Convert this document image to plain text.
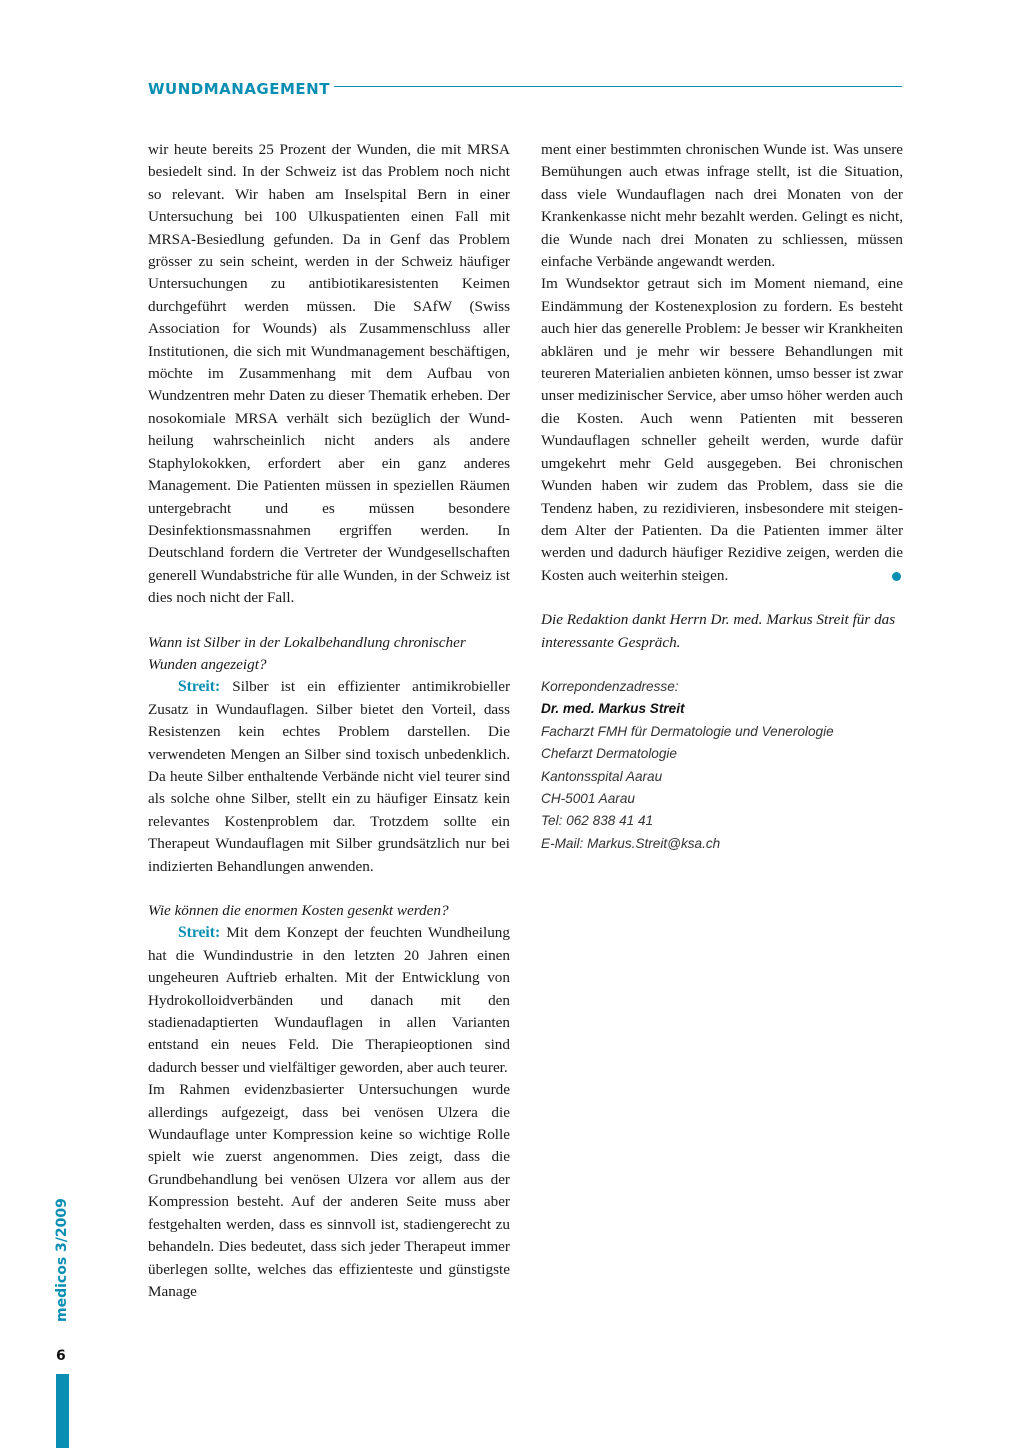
WUNDMANAGEMENT

wir heute bereits 25 Prozent der Wunden, die mit MRSA besiedelt sind. In der Schweiz ist das Problem noch nicht so relevant. Wir haben am Inselspital Bern in einer Untersuchung bei 100 Ulkuspatienten einen Fall mit MRSA-Besiedlung gefunden. Da in Genf das Problem grösser zu sein scheint, werden in der Schweiz häufiger Untersuchungen zu antibiotikaresistenten Keimen durchgeführt werden müssen. Die SAfW (Swiss Association for Wounds) als Zusammenschluss aller Institutionen, die sich mit Wundmanagement beschäftigen, möchte im Zusammenhang mit dem Aufbau von Wundzentren mehr Daten zu dieser Thematik erheben. Der nosokomiale MRSA verhält sich bezüglich der Wundheilung wahrscheinlich nicht anders als andere Staphylokokken, erfordert aber ein ganz anderes Management. Die Patienten müssen in speziellen Räumen untergebracht und es müssen besondere Desinfektionsmassnahmen ergriffen werden. In Deutschland fordern die Vertreter der Wundgesellschaften generell Wundabstriche für alle Wunden, in der Schweiz ist dies noch nicht der Fall.

Wann ist Silber in der Lokalbehandlung chronischer Wunden angezeigt?

Streit: Silber ist ein effizienter antimikrobieller Zusatz in Wundauflagen. Silber bietet den Vorteil, dass Resistenzen kein echtes Problem darstellen. Die verwendeten Mengen an Silber sind toxisch unbedenklich. Da heute Silber enthaltende Verbände nicht viel teurer sind als solche ohne Silber, stellt ein zu häufiger Einsatz kein relevantes Kostenproblem dar. Trotzdem sollte ein Therapeut Wundauflagen mit Silber grundsätzlich nur bei indizierten Behandlungen anwenden.

Wie können die enormen Kosten gesenkt werden?

Streit: Mit dem Konzept der feuchten Wundheilung hat die Wundindustrie in den letzten 20 Jahren einen ungeheuren Auftrieb erhalten. Mit der Entwicklung von Hydrokolloidverbänden und danach mit den stadienadaptierten Wundauflagen in allen Varianten entstand ein neues Feld. Die Therapieoptionen sind dadurch besser und vielfältiger geworden, aber auch teurer.

Im Rahmen evidenzbasierter Untersuchungen wurde allerdings aufgezeigt, dass bei venösen Ulzera die Wundauflage unter Kompression keine so wichtige Rolle spielt wie zuerst angenommen. Dies zeigt, dass die Grundbehandlung bei venösen Ulzera vor allem aus der Kompression besteht. Auf der anderen Seite muss aber festgehalten werden, dass es sinnvoll ist, stadiengerecht zu behandeln. Dies bedeutet, dass sich jeder Therapeut immer überlegen sollte, welches das effizienteste und günstigste Manage

ment einer bestimmten chronischen Wunde ist. Was unsere Bemühungen auch etwas infrage stellt, ist die Situation, dass viele Wundauflagen nach drei Monaten von der Krankenkasse nicht mehr bezahlt werden. Gelingt es nicht, die Wunde nach drei Monaten zu schliessen, müssen einfache Verbände angewandt werden.

Im Wundsektor getraut sich im Moment niemand, eine Eindämmung der Kostenexplosion zu fordern. Es besteht auch hier das generelle Problem: Je besser wir Krankheiten abklären und je mehr wir bessere Behandlungen mit teureren Materialien anbieten können, umso besser ist zwar unser medizinischer Service, aber umso höher werden auch die Kosten. Auch wenn Patienten mit besseren Wundauflagen schneller geheilt werden, wurde dafür umgekehrt mehr Geld ausgegeben. Bei chronischen Wunden haben wir zudem das Problem, dass sie die Tendenz haben, zu rezidivieren, insbesondere mit steigendem Alter der Patienten. Da die Patienten immer älter werden und dadurch häufiger Rezidive zeigen, werden die Kosten auch weiterhin steigen.

Die Redaktion dankt Herrn Dr. med. Markus Streit für das interessante Gespräch.

Korrepondenzadresse:

Dr. med. Markus Streit

Facharzt FMH für Dermatologie und Venerologie

Chefarzt Dermatologie

Kantonsspital Aarau

CH-5001 Aarau

Tel: 062 838 41 41

E-Mail: Markus.Streit@ksa.ch

medicos 3/2009
6
